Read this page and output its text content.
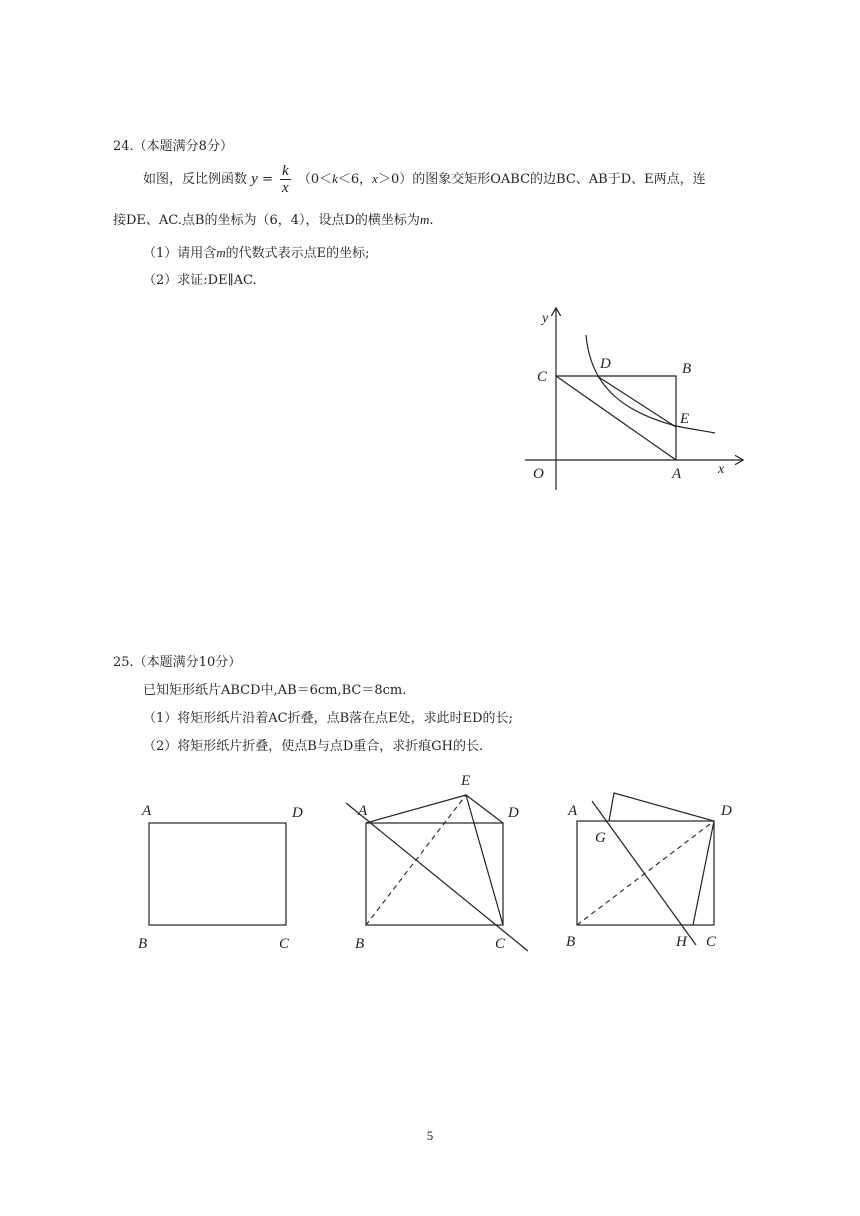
24.（本题满分8分）
如图，反比例函数 $y = \frac{k}{x} (0<k<6$，x＞0）的图象交矩形OABC的边BC、AB于D、E两点，连
接DE、AC.点B的坐标为（6，4），设点D的横坐标为m.
（1）请用含m的代数式表示点E的坐标;
（2）求证:DE∥AC.
y
x
O	A
B
C
D
E
25.（本题满分10分）
已知矩形纸片ABCD中,AB＝6cm,BC＝8cm.
（1）将矩形纸片沿着AC折叠，点B落在点E处，求此时ED的长;
（2）将矩形纸片折叠，使点B与点D重合，求折痕GH的长.
A	D
B	C
A
E
D
B	C
A
G
D
B	H C
5
